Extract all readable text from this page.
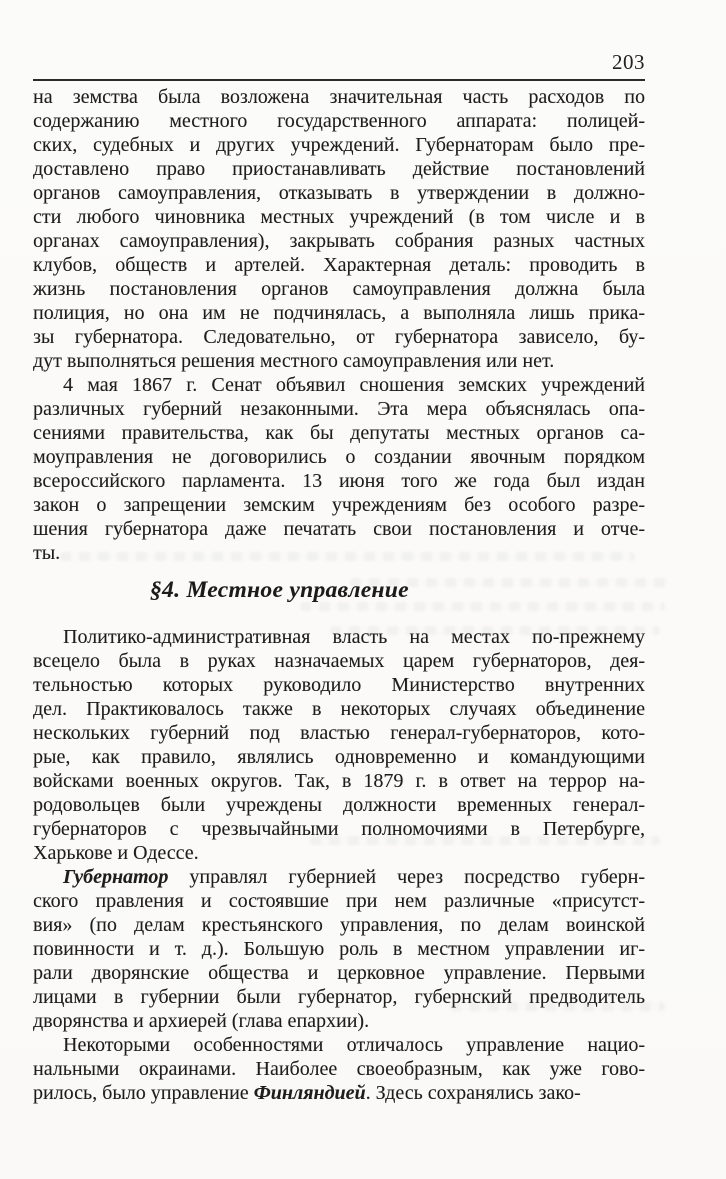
203
на земства была возложена значительная часть расходов по
содержанию местного государственного аппарата: полицей-
ских, судебных и других учреждений. Губернаторам было пре-
доставлено право приостанавливать действие постановлений
органов самоуправления, отказывать в утверждении в должно-
сти любого чиновника местных учреждений (в том числе и в
органах самоуправления), закрывать собрания разных частных
клубов, обществ и артелей. Характерная деталь: проводить в
жизнь постановления органов самоуправления должна была
полиция, но она им не подчинялась, а выполняла лишь прика-
зы губернатора. Следовательно, от губернатора зависело, бу-
дут выполняться решения местного самоуправления или нет.
4 мая 1867 г. Сенат объявил сношения земских учреждений
различных губерний незаконными. Эта мера объяснялась опа-
сениями правительства, как бы депутаты местных органов са-
моуправления не договорились о создании явочным порядком
всероссийского парламента. 13 июня того же года был издан
закон о запрещении земским учреждениям без особого разре-
шения губернатора даже печатать свои постановления и отче-
ты.
§4. Местное управление
Политико-административная власть на местах по-прежнему
всецело была в руках назначаемых царем губернаторов, дея-
тельностью которых руководило Министерство внутренних
дел. Практиковалось также в некоторых случаях объединение
нескольких губерний под властью генерал-губернаторов, кото-
рые, как правило, являлись одновременно и командующими
войсками военных округов. Так, в 1879 г. в ответ на террор на-
родовольцев были учреждены должности временных генерал-
губернаторов с чрезвычайными полномочиями в Петербурге,
Харькове и Одессе.
Губернатор управлял губернией через посредство губерн-
ского правления и состоявшие при нем различные «присутст-
вия» (по делам крестьянского управления, по делам воинской
повинности и т. д.). Большую роль в местном управлении иг-
рали дворянские общества и церковное управление. Первыми
лицами в губернии были губернатор, губернский предводитель
дворянства и архиерей (глава епархии).
Некоторыми особенностями отличалось управление нацио-
нальными окраинами. Наиболее своеобразным, как уже гово-
рилось, было управление Финляндией. Здесь сохранялись зако-
